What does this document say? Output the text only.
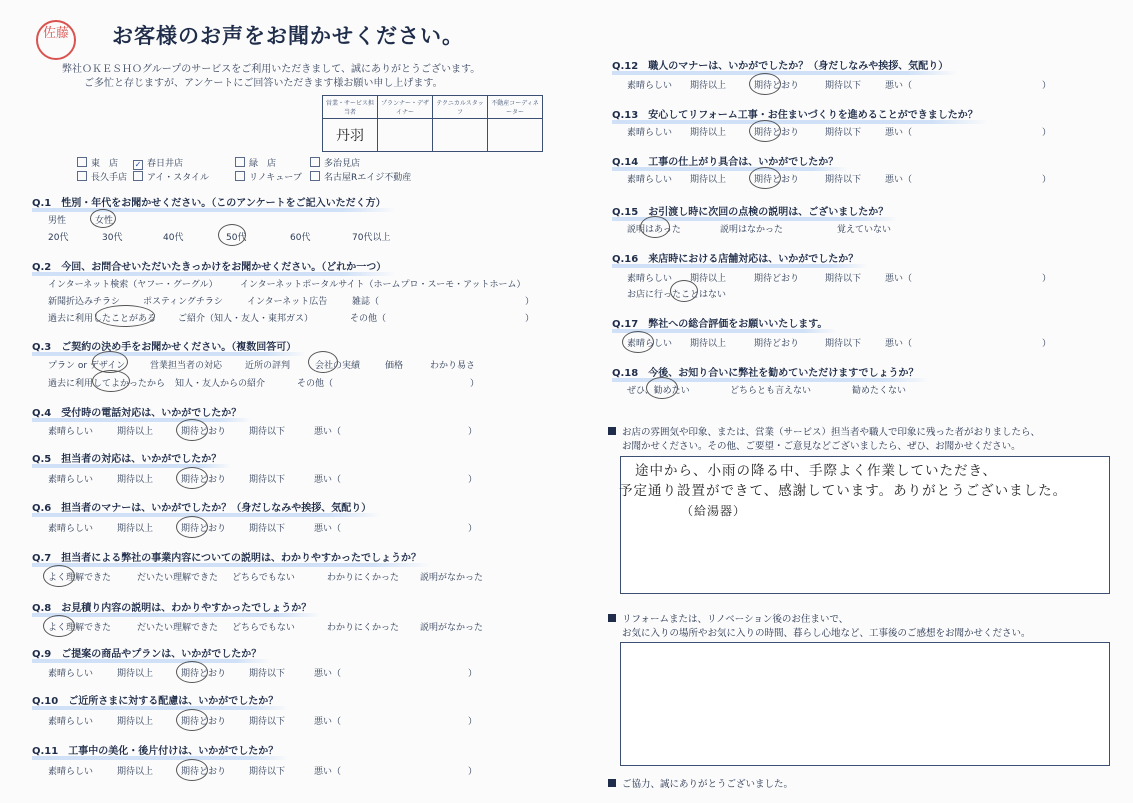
佐藤	お客様のお声をお聞かせください。
弊社ＯＫＥＳＨＯグループのサービスをご利用いただきまして、誠にありがとうございます。
ご多忙と存じますが、アンケートにご回答いただきます様お願い申し上げます。
営業・サービス担当者	プランナー・デザイナー	テクニカルスタッフ	不動産コーディネーター
丹羽			
東　店 ✓ 春日井店	緑　店	多治見店
長久手店	アイ・スタイル	リノキューブ	名古屋Rエイジ不動産
Q.1　性別・年代をお聞かせください。（このアンケートをご記入いただく方）
男性	女性
20代	30代	40代	50代	60代	70代以上
Q.2　今回、お問合せいただいたきっかけをお聞かせください。（どれか一つ）
インターネット検索（ヤフー・グーグル） インターネットポータルサイト（ホームプロ・スーモ・アットホーム）
新聞折込みチラシ	ポスティングチラシ	インターネット広告	雑誌（	）
過去に利用したことがある ご紹介（知人・友人・東邦ガス）	その他（	）
Q.3　ご契約の決め手をお聞かせください。（複数回答可）
プラン or デザイン	営業担当者の対応	近所の評判	会社の実績	価格	わかり易さ
過去に利用してよかったから 知人・友人からの紹介	その他（	）
Q.4　受付時の電話対応は、いかがでしたか？
Q.5　担当者の対応は、いかがでしたか？
Q.6　担当者のマナーは、いかがでしたか？（身だしなみや挨拶、気配り）
Q.7　担当者による弊社の事業内容についての説明は、わかりやすかったでしょうか？
Q.8　お見積り内容の説明は、わかりやすかったでしょうか？
Q.9　ご提案の商品やプランは、いかがでしたか？
Q.10　ご近所さまに対する配慮は、いかがでしたか？
Q.11　工事中の美化・後片付けは、いかがでしたか？
Q.12　職人のマナーは、いかがでしたか？（身だしなみや挨拶、気配り）
Q.13　安心してリフォーム工事・お住まいづくりを進めることができましたか？
Q.14　工事の仕上がり具合は、いかがでしたか？
Q.15　お引渡し時に次回の点検の説明は、ございましたか？
説明はあった	説明はなかった	覚えていない
Q.16　来店時における店舗対応は、いかがでしたか？
お店に行ったことはない
Q.17　弊社への総合評価をお願いいたします。
Q.18　今後、お知り合いに弊社を勧めていただけますでしょうか？
ぜひ、勧めたい	どちらとも言えない	勧めたくない
お店の雰囲気や印象、または、営業（サービス）担当者や職人で印象に残った者がおりましたら、
お聞かせください。その他、ご要望・ご意見などございましたら、ぜひ、お聞かせください。
途中から、小雨の降る中、手際よく作業していただき、
予定通り設置ができて、感謝しています。ありがとうございました。
（給湯器）
リフォームまたは、リノベーション後のお住まいで、
お気に入りの場所やお気に入りの時間、暮らし心地など、工事後のご感想をお聞かせください。
ご協力、誠にありがとうございました。
素晴らしい	期待以上	期待どおり	期待以下	悪い（	）
素晴らしい	期待以上	期待どおり	期待以下	悪い（	）
素晴らしい	期待以上	期待どおり	期待以下	悪い（	）
よく理解できた	だいたい理解できた どちらでもない	わかりにくかった 説明がなかった
よく理解できた	だいたい理解できた どちらでもない	わかりにくかった 説明がなかった
素晴らしい	期待以上	期待どおり	期待以下	悪い（	）
素晴らしい	期待以上	期待どおり	期待以下	悪い（	）
素晴らしい	期待以上	期待どおり	期待以下	悪い（	）
素晴らしい 期待以上	期待どおり	期待以下	悪い（	）
素晴らしい 期待以上	期待どおり	期待以下	悪い（	）
素晴らしい 期待以上	期待どおり	期待以下	悪い（	）
素晴らしい 期待以上	期待どおり	期待以下	悪い（	）
素晴らしい 期待以上	期待どおり	期待以下	悪い（	）
